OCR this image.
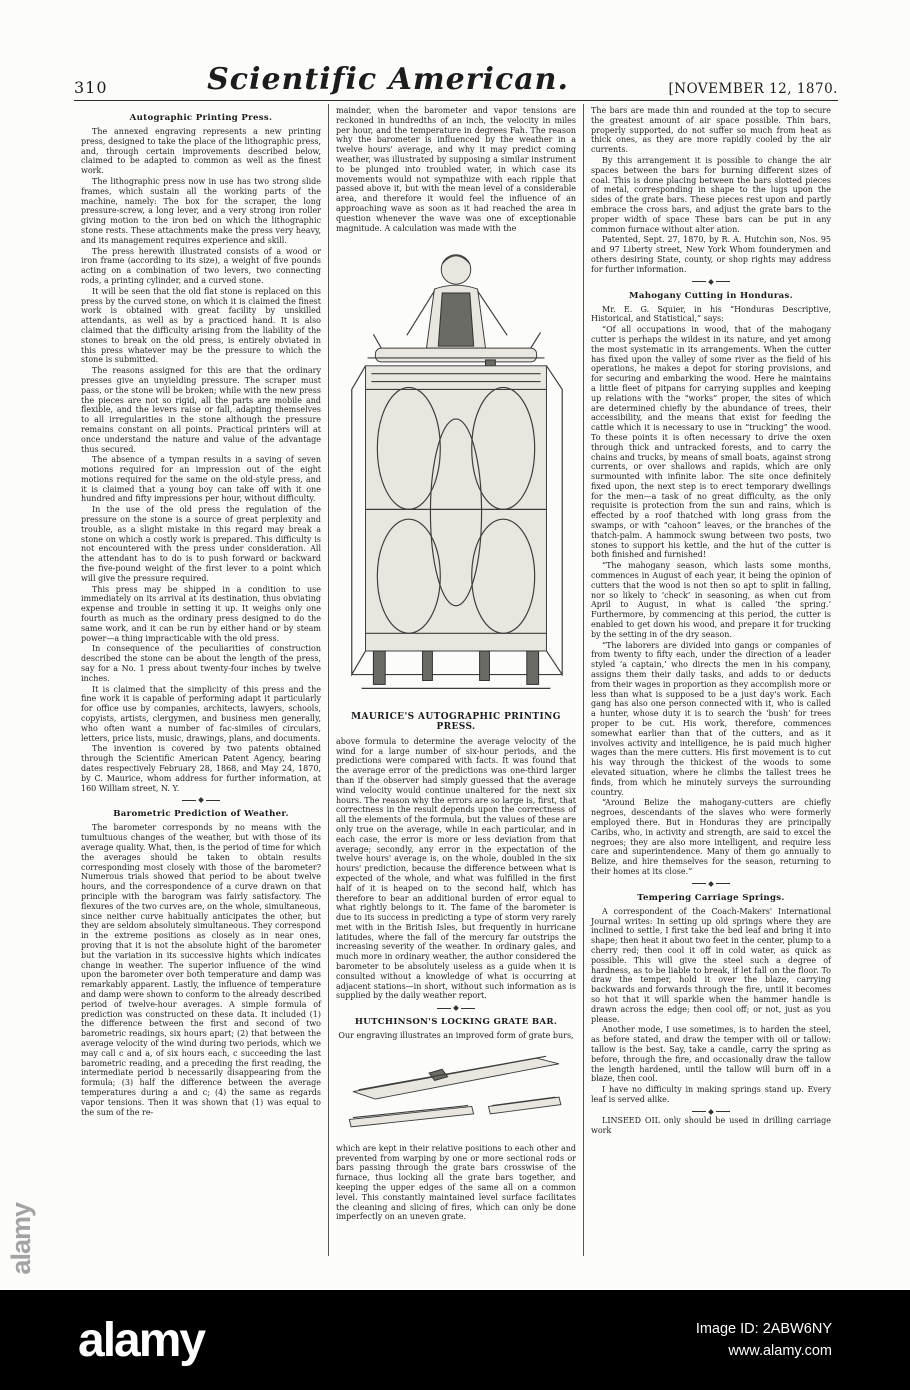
310	Scientific American.	[NOVEMBER 12, 1870.
Autographic Printing Press.

The annexed engraving represents a new printing press, designed to take the place of the lithographic press, and, through certain improvements described below, claimed to be adapted to common as well as the finest work.

The lithographic press now in use has two strong slide frames, which sustain all the working parts of the machine, namely: The box for the scraper, the long pressure-screw, a long lever, and a very strong iron roller giving motion to the iron bed on which the lithographic stone rests. These attachments make the press very heavy, and its management requires experience and skill.

The press herewith illustrated consists of a wood or iron frame (according to its size), a weight of five pounds acting on a combination of two levers, two connecting rods, a printing cylinder, and a curved stone.

It will be seen that the old flat stone is replaced on this press by the curved stone, on which it is claimed the finest work is obtained with great facility by unskilled attendants, as well as by a practiced hand. It is also claimed that the difficulty arising from the liability of the stones to break on the old press, is entirely obviated in this press whatever may be the pressure to which the stone is submitted.

The reasons assigned for this are that the ordinary presses give an unyielding pressure. The scraper must pass, or the stone will be broken; while with the new press the pieces are not so rigid, all the parts are mobile and flexible, and the levers raise or fall, adapting themselves to all irregularities in the stone although the pressure remains constant on all points. Practical printers will at once understand the nature and value of the advantage thus secured.

The absence of a tympan results in a saving of seven motions required for an impression out of the eight motions required for the same on the old-style press, and it is claimed that a young boy can take off with it one hundred and fifty impressions per hour, without difficulty.

In the use of the old press the regulation of the pressure on the stone is a source of great perplexity and trouble, as a slight mistake in this regard may break a stone on which a costly work is prepared. This difficulty is not encountered with the press under consideration. All the attendant has to do is to push forward or backward the five-pound weight of the first lever to a point which will give the pressure required.

This press may be shipped in a condition to use immediately on its arrival at its destination, thus obviating expense and trouble in setting it up. It weighs only one fourth as much as the ordinary press designed to do the same work, and it can be run by either hand or by steam power—a thing impracticable with the old press.

In consequence of the peculiarities of construction described the stone can be about the length of the press, say for a No. 1 press about twenty-four inches by twelve inches.

It is claimed that the simplicity of this press and the fine work it is capable of performing adapt it particularly for office use by companies, architects, lawyers, schools, copyists, artists, clergymen, and business men generally, who often want a number of fac-similes of circulars, letters, price lists, music, drawings, plans, and documents.

The invention is covered by two patents obtained through the Scientific American Patent Agency, bearing dates respectively February 28, 1868, and May 24, 1870, by C. Maurice, whom address for further information, at 160 William street, N. Y.

Barometric Prediction of Weather.

The barometer corresponds by no means with the tumultuous changes of the weather, but with those of its average quality. What, then, is the period of time for which the averages should be taken to obtain results corresponding most closely with those of the barometer? Numerous trials showed that period to be about twelve hours, and the correspondence of a curve drawn on that principle with the barogram was fairly satisfactory. The flexures of the two curves are, on the whole, simultaneous, since neither curve habitually anticipates the other, but they are seldom absolutely simultaneous. They correspond in the extreme positions as closely as in near ones, proving that it is not the absolute hight of the barometer but the variation in its successive hights which indicates change in weather. The superior influence of the wind upon the barometer over both temperature and damp was remarkably apparent. Lastly, the influence of temperature and damp were shown to conform to the already described period of twelve-hour averages. A simple formula of prediction was constructed on these data. It included (1) the difference between the first and second of two barometric readings, six hours apart; (2) that between the average velocity of the wind during two periods, which we may call c and a, of six hours each, c succeeding the last barometric reading, and a preceding the first reading, the intermediate period b necessarily disappearing from the formula; (3) half the difference between the average temperatures during a and c; (4) the same as regards vapor tensions. Then it was shown that (1) was equal to the sum of the re-

mainder, when the barometer and vapor tensions are reckoned in hundredths of an inch, the velocity in miles per hour, and the temperature in degrees Fah. The reason why the barometer is influenced by the weather in a twelve hours' average, and why it may predict coming weather, was illustrated by supposing a similar instrument to be plunged into troubled water, in which case its movements would not sympathize with each ripple that passed above it, but with the mean level of a considerable area, and therefore it would feel the influence of an approaching wave as soon as it had reached the area in question whenever the wave was one of exceptionable magnitude. A calculation was made with the

MAURICE'S AUTOGRAPHIC PRINTING PRESS.

above formula to determine the average velocity of the wind for a large number of six-hour periods, and the predictions were compared with facts. It was found that the average error of the predictions was one-third larger than if the observer had simply guessed that the average wind velocity would continue unaltered for the next six hours. The reason why the errors are so large is, first, that correctness in the result depends upon the correctness of all the elements of the formula, but the values of these are only true on the average, while in each particular, and in each case, the error is more or less deviation from that average; secondly, any error in the expectation of the twelve hours' average is, on the whole, doubled in the six hours' prediction, because the difference between what is expected of the whole, and what was fulfilled in the first half of it is heaped on to the second half, which has therefore to bear an additional burden of error equal to what rightly belongs to it. The fame of the barometer is due to its success in predicting a type of storm very rarely met with in the British Isles, but frequently in hurricane latitudes, where the fall of the mercury far outstrips the increasing severity of the weather. In ordinary gales, and much more in ordinary weather, the author considered the barometer to be absolutely useless as a guide when it is consulted without a knowledge of what is occurring at adjacent stations—in short, without such information as is supplied by the daily weather report.

HUTCHINSON'S LOCKING GRATE BAR.

Our engraving illustrates an improved form of grate burs,

which are kept in their relative positions to each other and prevented from warping by one or more sectional rods or bars passing through the grate bars crosswise of the furnace, thus locking all the grate bars together, and keeping the upper edges of the same all on a common level. This constantly maintained level surface facilitates the cleaning and slicing of fires, which can only be done imperfectly on an uneven grate.

The bars are made thin and rounded at the top to secure the greatest amount of air space possible. Thin bars, properly supported, do not suffer so much from heat as thick ones, as they are more rapidly cooled by the air currents.

By this arrangement it is possible to change the air spaces between the bars for burning different sizes of coal. This is done placing between the bars slotted pieces of metal, corresponding in shape to the lugs upon the sides of the grate bars. These pieces rest upon and partly embrace the cross bars, and adjust the grate bars to the proper width of space These bars can be put in any common furnace without alter ation.

Patented, Sept. 27, 1870, by R. A. Hutchin son, Nos. 95 and 97 Liberty street, New York Whom founderymen and others desiring State, county, or shop rights may address for further information.

Mahogany Cutting in Honduras.

Mr. E. G. Squier, in his “Honduras Descriptive, Historical, and Statistical,” says:

“Of all occupations in wood, that of the mahogany cutter is perhaps the wildest in its nature, and yet among the most systematic in its arrangements. When the cutter has fixed upon the valley of some river as the field of his operations, he makes a depot for storing provisions, and for securing and embarking the wood. Here he maintains a little fleet of pitpans for carrying supplies and keeping up relations with the “works” proper, the sites of which are determined chiefly by the abundance of trees, their accessibility, and the means that exist for feeding the cattle which it is necessary to use in “trucking” the wood. To these points it is often necessary to drive the oxen through thick and untracked forests, and to carry the chains and trucks, by means of small boats, against strong currents, or over shallows and rapids, which are only surmounted with infinite labor. The site once definitely fixed upon, the next step is to erect temporary dwellings for the men—a task of no great difficulty, as the only requisite is protection from the sun and rains, which is effected by a roof thatched with long grass from the swamps, or with “cahoon” leaves, or the branches of the thatch-palm. A hammock swung between two posts, two stones to support his kettle, and the hut of the cutter is both finished and furnished!

“The mahogany season, which lasts some months, commences in August of each year, it being the opinion of cutters that the wood is not then so apt to split in falling, nor so likely to ‘check’ in seasoning, as when cut from April to August, in what is called ‘the spring.’ Furthermore, by commencing at this period, the cutter is enabled to get down his wood, and prepare it for trucking by the setting in of the dry season.

“The laborers are divided into gangs or companies of from twenty to fifty each, under the direction of a leader styled ‘a captain,’ who directs the men in his company, assigns them their daily tasks, and adds to or deducts from their wages in proportion as they accomplish more or less than what is supposed to be a just day's work. Each gang has also one person connected with it, who is called a hunter, whose duty it is to search the ‘bush’ for trees proper to be cut. His work, therefore, commences somewhat earlier than that of the cutters, and as it involves activity and intelligence, he is paid much higher wages than the mere cutters. His first movement is to cut his way through the thickest of the woods to some elevated situation, where he climbs the tallest trees he finds, from which he minutely surveys the surrounding country.

“Around Belize the mahogany-cutters are chiefly negroes, descendants of the slaves who were formerly employed there. But in Honduras they are principally Caribs, who, in activity and strength, are said to excel the negroes; they are also more intelligent, and require less care and superintendence. Many of them go annually to Belize, and hire themselves for the season, returning to their homes at its close.”

Tempering Carriage Springs.

A correspondent of the Coach-Makers' International Journal writes: In setting up old springs where they are inclined to settle, I first take the bed leaf and bring it into shape; then heat it about two feet in the center, plump to a cherry red; then cool it off in cold water, as quick as possible. This will give the steel such a degree of hardness, as to be liable to break, if let fall on the floor. To draw the temper, hold it over the blaze, carrying backwards and forwards through the fire, until it becomes so hot that it will sparkle when the hammer handle is drawn across the edge; then cool off; or not, just as you please.

Another mode, I use sometimes, is to harden the steel, as before stated, and draw the temper with oil or tallow: tallow is the best. Say, take a candle, carry the spring as before, through the fire, and occasionally draw the tallow the length hardened, until the tallow will burn off in a blaze, then cool.

I have no difficulty in making springs stand up. Every leaf is served alike.

LINSEED OIL only should be used in drilling carriage work

alamy
alamy	Image ID: 2ABW6NY
www.alamy.com
